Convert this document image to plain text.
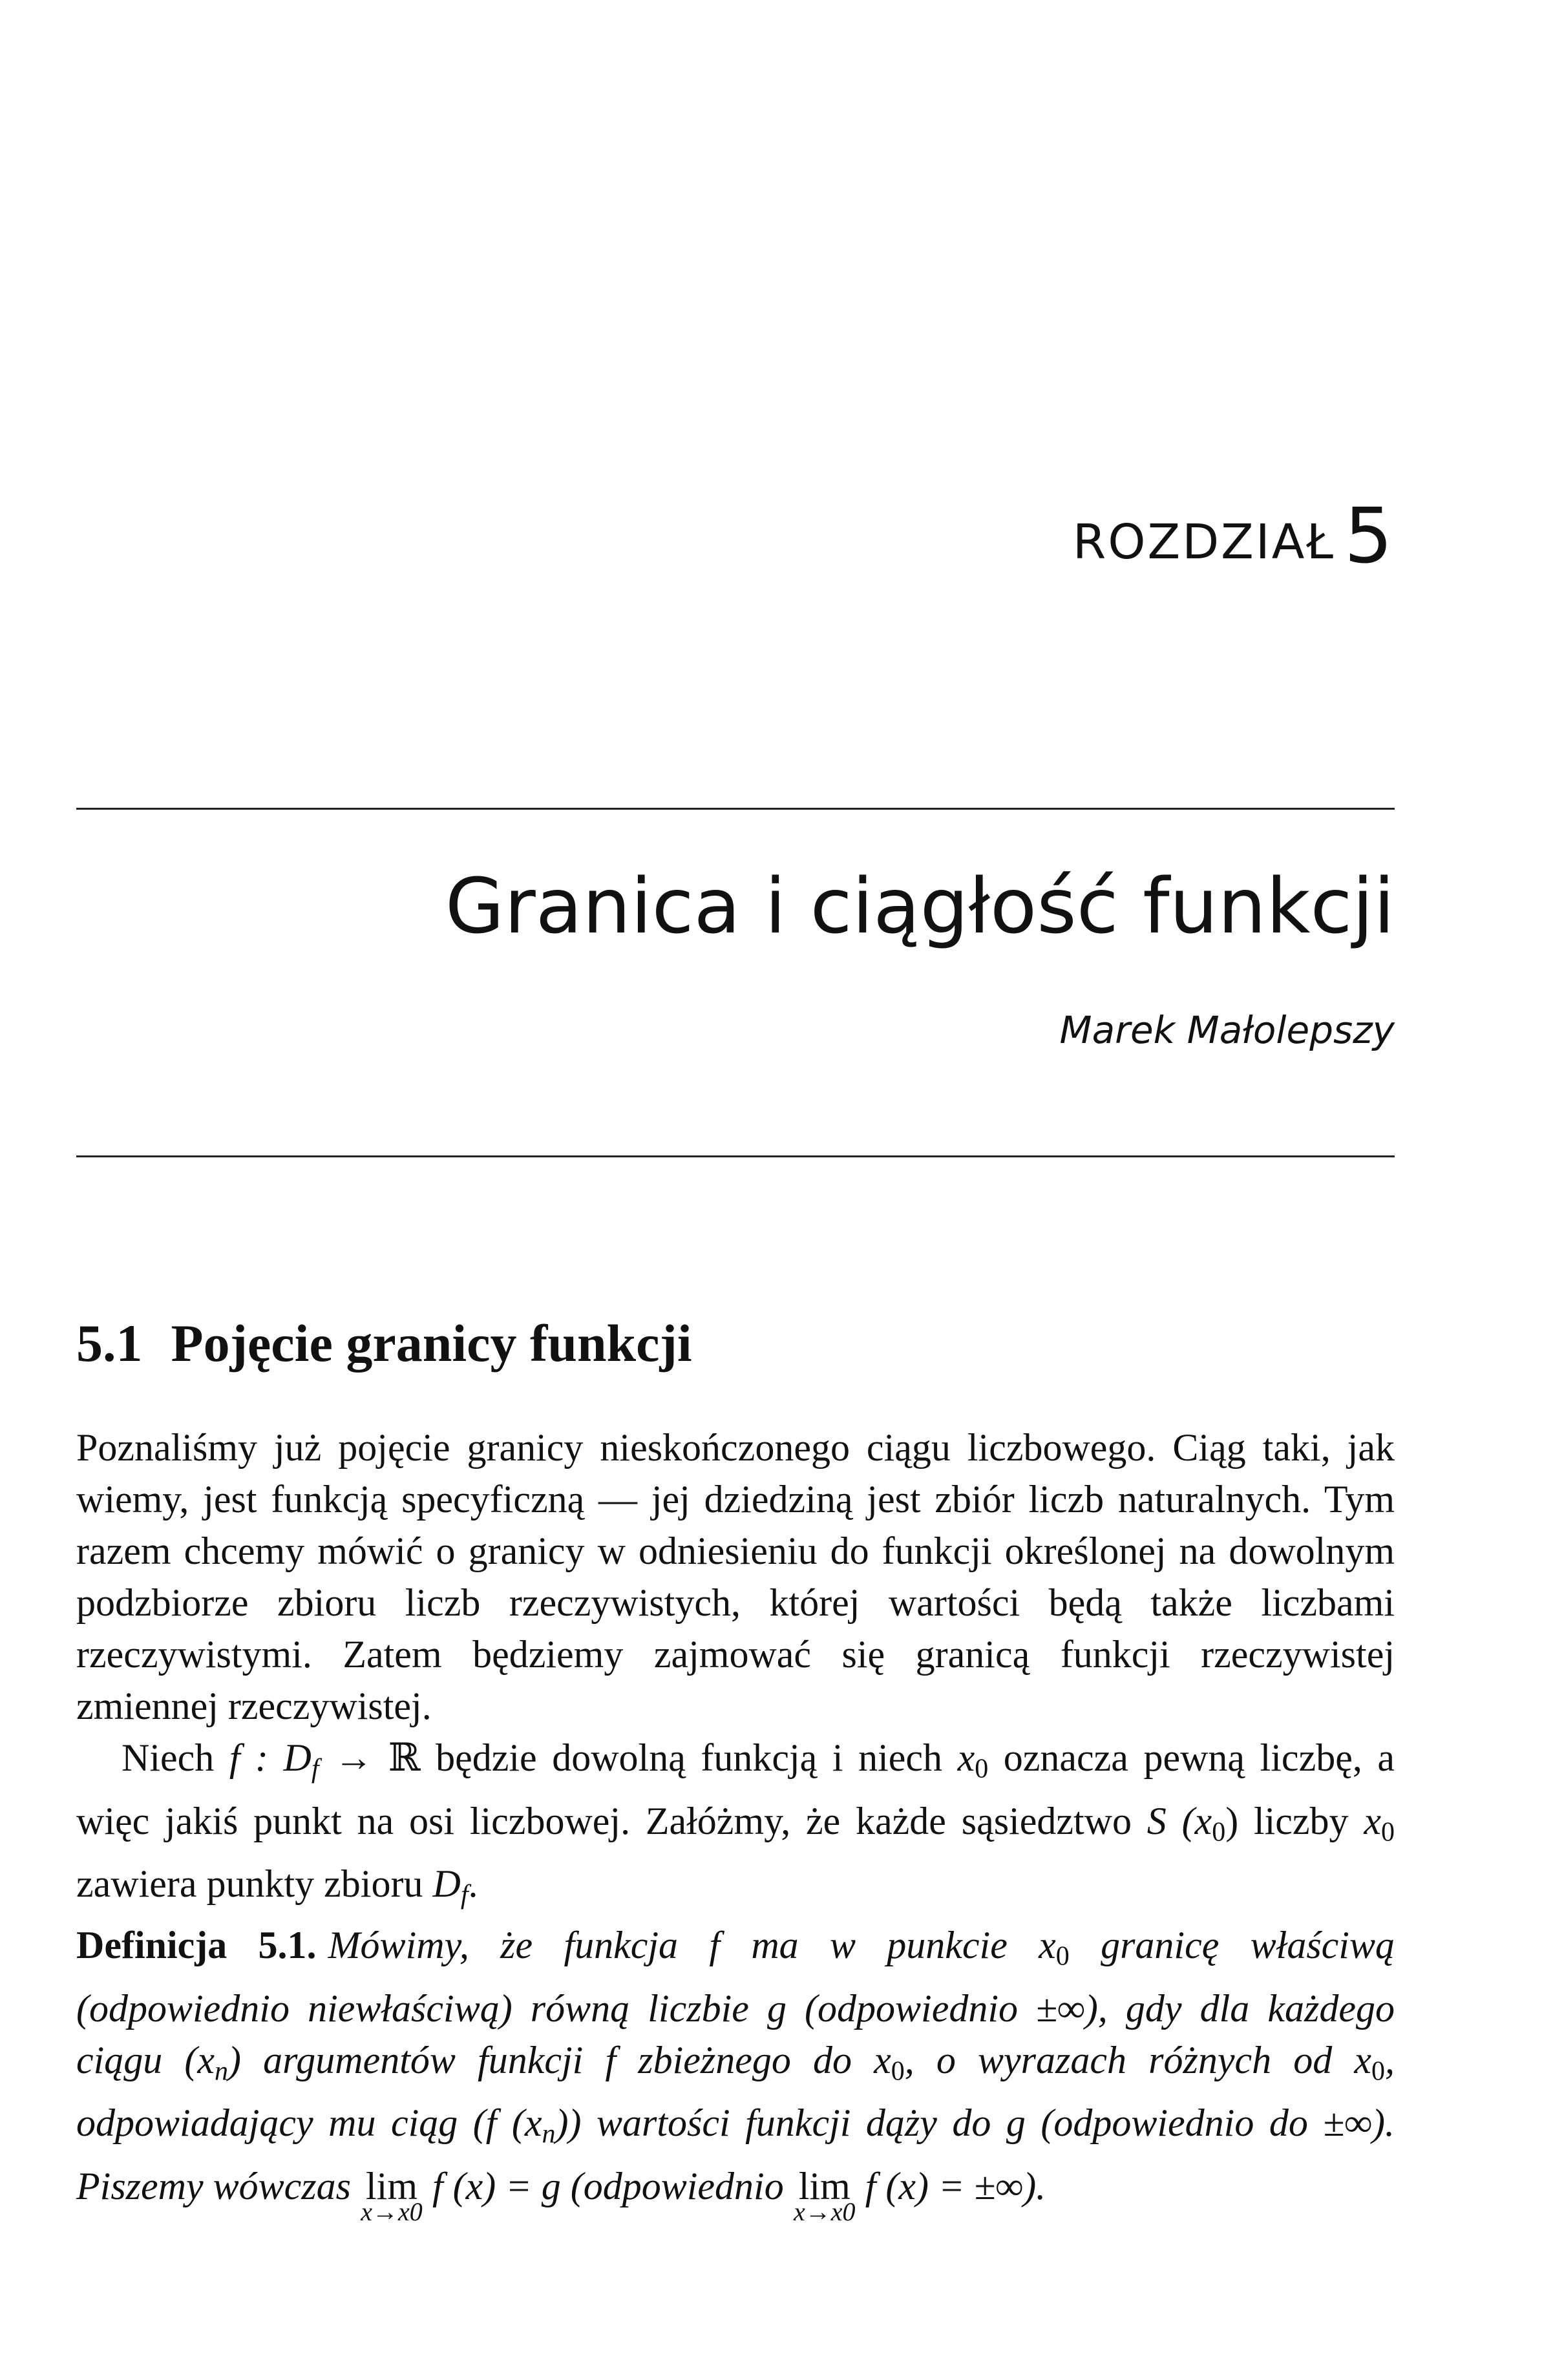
ROZDZIAŁ 5
Granica i ciągłość funkcji
Marek Małolepszy
5.1 Pojęcie granicy funkcji

Poznaliśmy już pojęcie granicy nieskończonego ciągu liczbowego. Ciąg taki, jak wiemy, jest funkcją specyficzną — jej dziedziną jest zbiór liczb naturalnych. Tym razem chcemy mówić o granicy w odniesieniu do funkcji określonej na dowolnym podzbiorze zbioru liczb rzeczywistych, której wartości będą także liczbami rzeczywistymi. Zatem będziemy zajmować się granicą funkcji rzeczywistej zmiennej rzeczywistej.

Niech f : $D_f$ → ℝ będzie dowolną funkcją i niech $x_0$ oznacza pewną liczbę, a więc jakiś punkt na osi liczbowej. Załóżmy, że każde sąsiedztwo S $(x_0)$ liczby $x_0$ zawiera punkty zbioru $D_f$.

Definicja 5.1. Mówimy, że funkcja f ma w punkcie $x_0$ granicę właściwą (odpowiednio niewłaściwą) równą liczbie g (odpowiednio ±∞), gdy dla każdego ciągu $(x_n)$ argumentów funkcji f zbieżnego do $x_0$, o wyrazach różnych od $x_0$, odpowiadający mu ciąg (f $(x_n)$) wartości funkcji dąży do g (odpowiednio do ±∞). Piszemy wówczas lim
x→x0
f (x) = g (odpowiednio lim
x→x0
f (x) = ±∞).
